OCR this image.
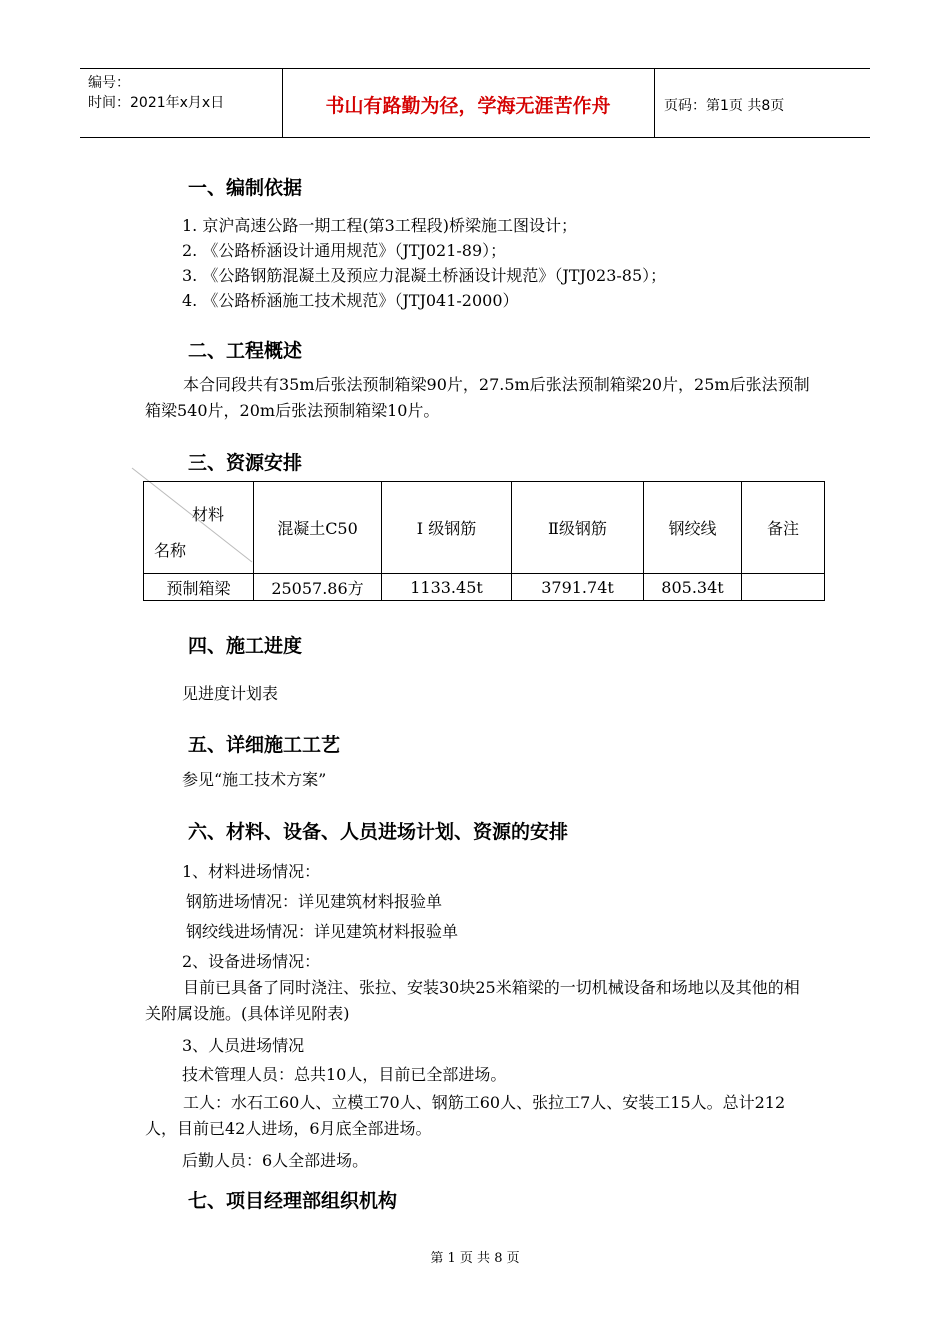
编号：
时间：2021年x月x日	书山有路勤为径，学海无涯苦作舟	页码：第1页 共8页
一、编制依据
1. 京沪高速公路一期工程(第3工程段)桥梁施工图设计；
2. 《公路桥涵设计通用规范》（JTJ021-89）；
3. 《公路钢筋混凝土及预应力混凝土桥涵设计规范》（JTJ023-85）；
4. 《公路桥涵施工技术规范》（JTJ041-2000）
二、工程概述
本合同段共有35m后张法预制箱梁90片，27.5m后张法预制箱梁20片，25m后张法预制箱梁540片，20m后张法预制箱梁10片。
三、资源安排
材料
名称	混凝土C50	Ⅰ 级钢筋	Ⅱ级钢筋	钢绞线	备注
预制箱梁	25057.86方	1133.45t	3791.74t	805.34t	
四、施工进度
见进度计划表
五、详细施工工艺
参见“施工技术方案”
六、材料、设备、人员进场计划、资源的安排
1、材料进场情况：
钢筋进场情况：详见建筑材料报验单
钢绞线进场情况：详见建筑材料报验单
2、设备进场情况：
目前已具备了同时浇注、张拉、安装30块25米箱梁的一切机械设备和场地以及其他的相关附属设施。(具体详见附表)
3、人员进场情况
技术管理人员：总共10人，目前已全部进场。
工人：水石工60人、立模工70人、钢筋工60人、张拉工7人、安装工15人。总计212人，目前已42人进场，6月底全部进场。
后勤人员：6人全部进场。
七、项目经理部组织机构
第 1 页 共 8 页
